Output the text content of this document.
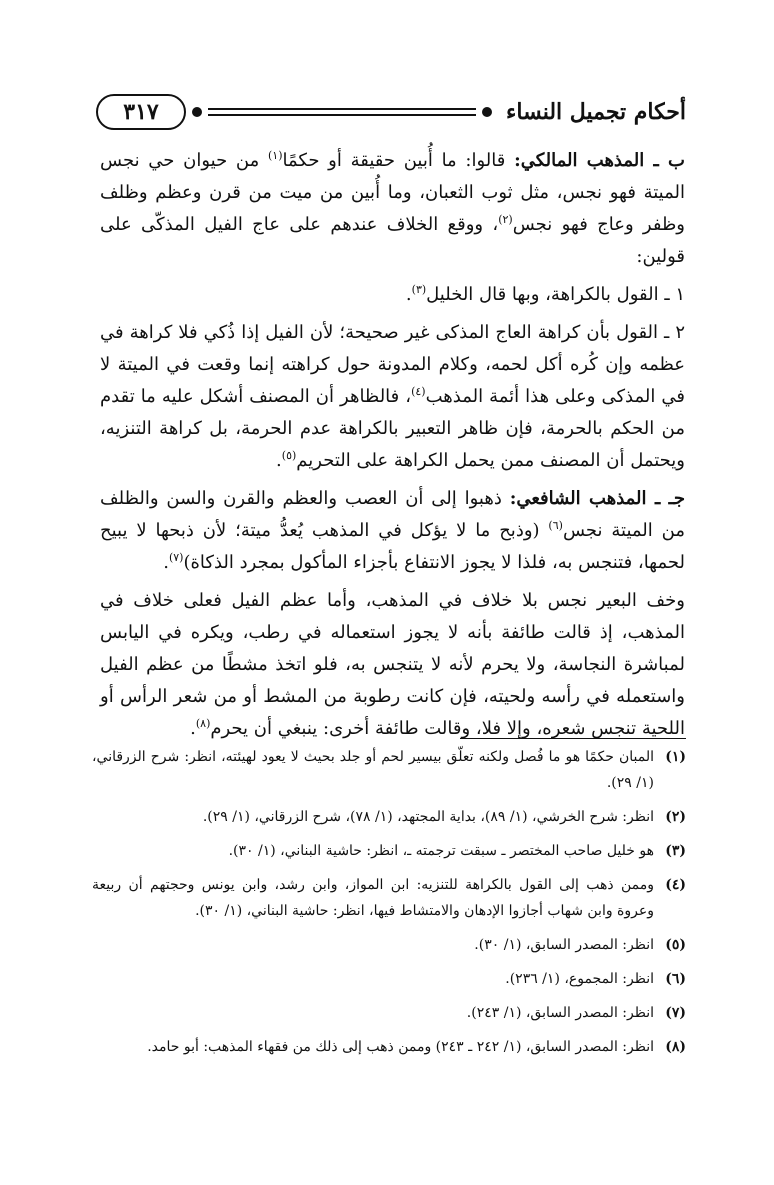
٣١٧	أحكام تجميل النساء

ب ـ المذهب المالكي: قالوا: ما أُبين حقيقة أو حكمًا$^{(١)}$ من حيوان حي نجس الميتة فهو نجس، مثل ثوب الثعبان، وما أُبين من ميت من قرن وعظم وظلف وظفر وعاج فهو نجس$^{(٢)}$، ووقع الخلاف عندهم على عاج الفيل المذكّى على قولين:

١ ـ القول بالكراهة، وبها قال الخليل$^{(٣)}$.

٢ ـ القول بأن كراهة العاج المذكى غير صحيحة؛ لأن الفيل إذا ذُكي فلا كراهة في عظمه وإن كُره أكل لحمه، وكلام المدونة حول كراهته إنما وقعت في الميتة لا في المذكى وعلى هذا أئمة المذهب$^{(٤)}$، فالظاهر أن المصنف أشكل عليه ما تقدم من الحكم بالحرمة، فإن ظاهر التعبير بالكراهة عدم الحرمة، بل كراهة التنزيه، ويحتمل أن المصنف ممن يحمل الكراهة على التحريم$^{(٥)}$.

جـ ـ المذهب الشافعي: ذهبوا إلى أن العصب والعظم والقرن والسن والظلف من الميتة نجس$^{(٦)}$ (وذبح ما لا يؤكل في المذهب يُعدُّ ميتة؛ لأن ذبحها لا يبيح لحمها، فتنجس به، فلذا لا يجوز الانتفاع بأجزاء المأكول بمجرد الذكاة)$^{(٧)}$.

وخف البعير نجس بلا خلاف في المذهب، وأما عظم الفيل فعلى خلاف في المذهب، إذ قالت طائفة بأنه لا يجوز استعماله في رطب، ويكره في اليابس لمباشرة النجاسة، ولا يحرم لأنه لا يتنجس به، فلو اتخذ مشطًا من عظم الفيل واستعمله في رأسه ولحيته، فإن كانت رطوبة من المشط أو من شعر الرأس أو اللحية تنجس شعره، وإلا فلا، وقالت طائفة أخرى: ينبغي أن يحرم$^{(٨)}$.

(١)
المبان حكمًا هو ما فُصل ولكنه تعلّق بيسير لحم أو جلد بحيث لا يعود لهيئته، انظر: شرح الزرقاني، (١/ ٢٩).
(٢)
انظر: شرح الخرشي، (١/ ٨٩)، بداية المجتهد، (١/ ٧٨)، شرح الزرقاني، (١/ ٢٩).
(٣)
هو خليل صاحب المختصر ـ سبقت ترجمته ـ، انظر: حاشية البناني، (١/ ٣٠).
(٤)
وممن ذهب إلى القول بالكراهة للتنزيه: ابن المواز، وابن رشد، وابن يونس وحجتهم أن ربيعة وعروة وابن شهاب أجازوا الإدهان والامتشاط فيها، انظر: حاشية البناني، (١/ ٣٠).
(٥)
انظر: المصدر السابق، (١/ ٣٠).
(٦)
انظر: المجموع، (١/ ٢٣٦).
(٧)
انظر: المصدر السابق، (١/ ٢٤٣).
(٨)
انظر: المصدر السابق، (١/ ٢٤٢ ـ ٢٤٣) وممن ذهب إلى ذلك من فقهاء المذهب: أبو حامد.
